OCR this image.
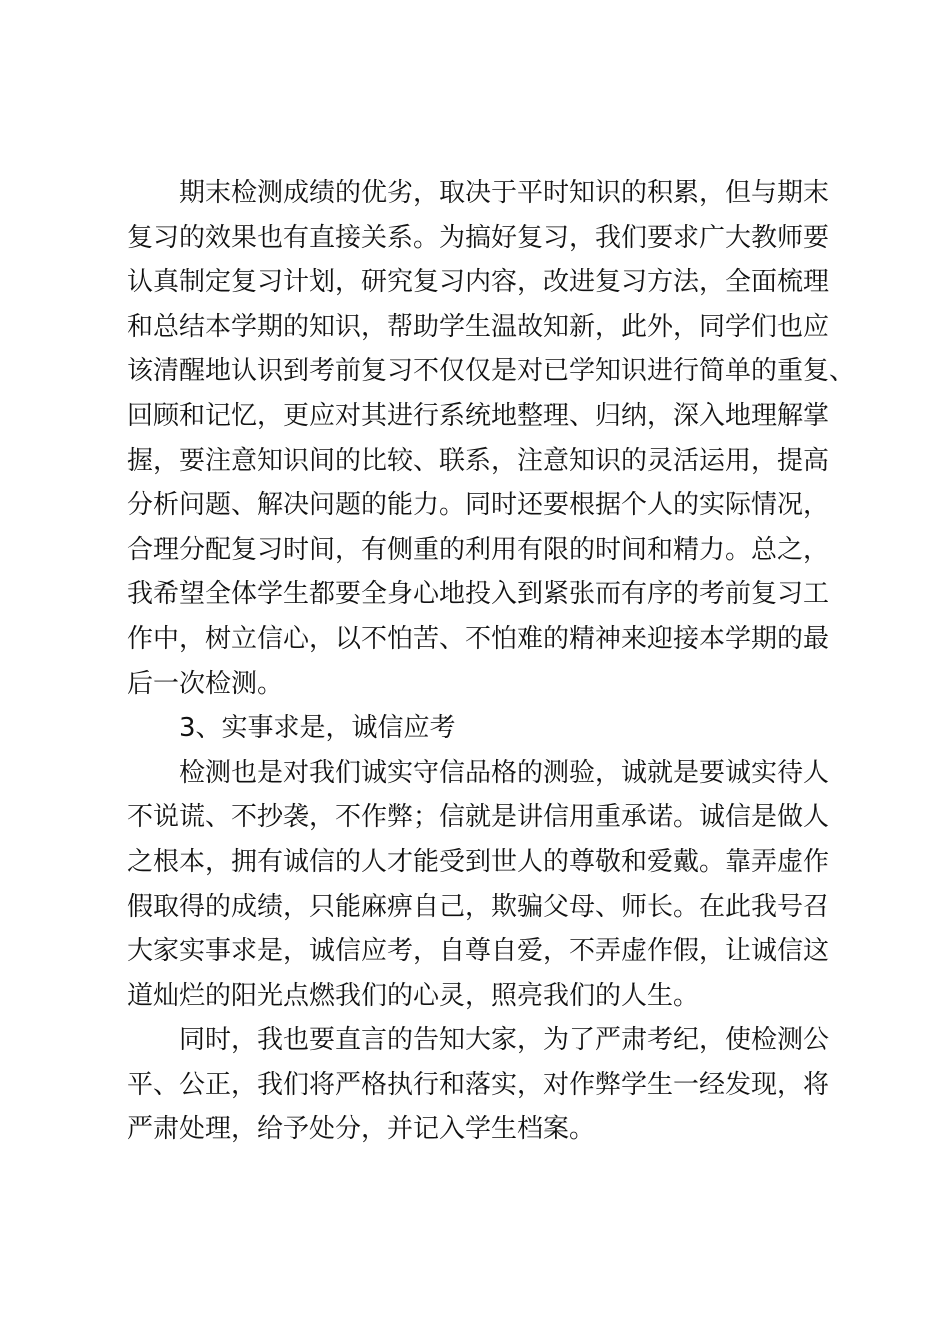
期末检测成绩的优劣，取决于平时知识的积累，但与期末
复习的效果也有直接关系。为搞好复习，我们要求广大教师要
认真制定复习计划，研究复习内容，改进复习方法，全面梳理
和总结本学期的知识，帮助学生温故知新，此外，同学们也应
该清醒地认识到考前复习不仅仅是对已学知识进行简单的重复、
回顾和记忆，更应对其进行系统地整理、归纳，深入地理解掌
握，要注意知识间的比较、联系，注意知识的灵活运用，提高
分析问题、解决问题的能力。同时还要根据个人的实际情况，
合理分配复习时间，有侧重的利用有限的时间和精力。总之，
我希望全体学生都要全身心地投入到紧张而有序的考前复习工
作中，树立信心，以不怕苦、不怕难的精神来迎接本学期的最
后一次检测。
3、实事求是，诚信应考
检测也是对我们诚实守信品格的测验，诚就是要诚实待人
不说谎、不抄袭，不作弊；信就是讲信用重承诺。诚信是做人
之根本，拥有诚信的人才能受到世人的尊敬和爱戴。靠弄虚作
假取得的成绩，只能麻痹自己，欺骗父母、师长。在此我号召
大家实事求是，诚信应考，自尊自爱，不弄虚作假，让诚信这
道灿烂的阳光点燃我们的心灵，照亮我们的人生。
同时，我也要直言的告知大家，为了严肃考纪，使检测公
平、公正，我们将严格执行和落实，对作弊学生一经发现，将
严肃处理，给予处分，并记入学生档案。
